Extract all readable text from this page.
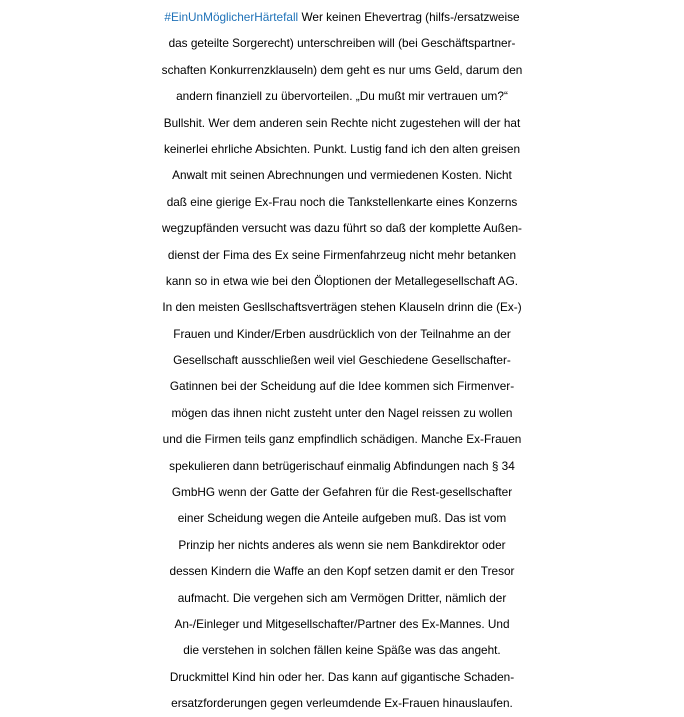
#EinUnMöglicherHärtefall Wer keinen Ehevertrag (hilfs-/ersatzweise
das geteilte Sorgerecht) unterschreiben will (bei Geschäftspartner-
schaften Konkurrenzklauseln) dem geht es nur ums Geld, darum den
andern finanziell zu übervorteilen. „Du mußt mir vertrauen um?“
Bullshit. Wer dem anderen sein Rechte nicht zugestehen will der hat
keinerlei ehrliche Absichten. Punkt. Lustig fand ich den alten greisen
Anwalt mit seinen Abrechnungen und vermiedenen Kosten. Nicht
daß eine gierige Ex-Frau noch die Tankstellenkarte eines Konzerns
wegzupfänden versucht was dazu führt so daß der komplette Außen-
dienst der Fima des Ex seine Firmenfahrzeug nicht mehr betanken
kann so in etwa wie bei den Öloptionen der Metallegesellschaft AG.
In den meisten Geslls​chaftsverträgen stehen Klauseln drinn die (Ex-)
Frauen und Kinder/Erben ausdrücklich von der Teilnahme an der
Gesellschaft ausschließen weil viel Geschiedene Gesellschafter-
Gatinnen bei der Scheidung auf die Idee kommen sich Firmenver-
mögen das ihnen nicht zusteht unter den Nagel reissen zu wollen
und die Firmen teils ganz empfindlich schädigen. Manche Ex-Frauen
spekulieren dann betrügerischauf einmalig Abfindungen nach § 34
GmbHG wenn der Gatte der Gefahren für die Rest-gesellschafter
einer Scheidung wegen die Anteile aufgeben muß. Das ist vom
Prinzip her nichts anderes als wenn sie nem Bankdirektor oder
dessen Kindern die Waffe an den Kopf setzen damit er den Tresor
aufmacht. Die vergehen sich am Vermögen Dritter, nämlich der
An-/Einleger und Mitgesellschafter/Partner des Ex-Mannes. Und
die verstehen in solchen fällen keine Späße was das angeht.
Druckmittel Kind hin oder her. Das kann auf gigantische Schaden-
ersatzforderungen gegen verleumdende Ex-Frauen hinauslaufen.
